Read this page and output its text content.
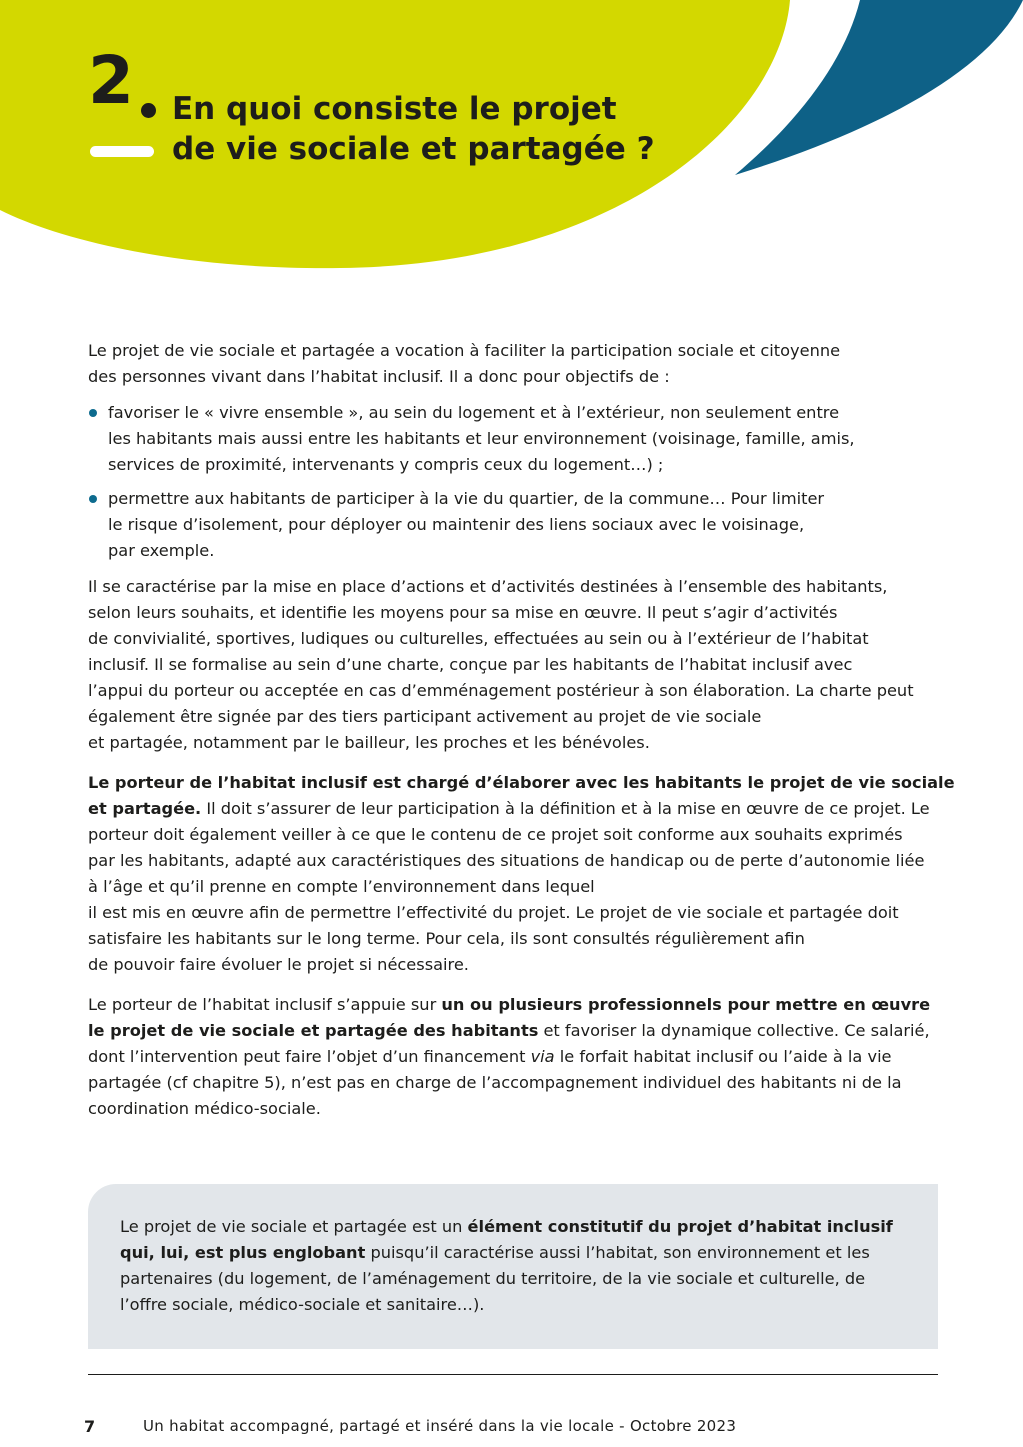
2 En quoi consiste le projet
de vie sociale et partagée ?

Le projet de vie sociale et partagée a vocation à faciliter la participation sociale et citoyenne
des personnes vivant dans l’habitat inclusif. Il a donc pour objectifs de :

favoriser le « vivre ensemble », au sein du logement et à l’extérieur, non seulement entre
les habitants mais aussi entre les habitants et leur environnement (voisinage, famille, amis,
services de proximité, intervenants y compris ceux du logement…) ;
permettre aux habitants de participer à la vie du quartier, de la commune… Pour limiter
le risque d’isolement, pour déployer ou maintenir des liens sociaux avec le voisinage,
par exemple.

Il se caractérise par la mise en place d’actions et d’activités destinées à l’ensemble des habitants,
selon leurs souhaits, et identifie les moyens pour sa mise en œuvre. Il peut s’agir d’activités
de convivialité, sportives, ludiques ou culturelles, effectuées au sein ou à l’extérieur de l’habitat
inclusif. Il se formalise au sein d’une charte, conçue par les habitants de l’habitat inclusif avec
l’appui du porteur ou acceptée en cas d’emménagement postérieur à son élaboration. La charte peut
également être signée par des tiers participant activement au projet de vie sociale
et partagée, notamment par le bailleur, les proches et les bénévoles.

Le porteur de l’habitat inclusif est chargé d’élaborer avec les habitants le projet de vie sociale
et partagée. Il doit s’assurer de leur participation à la définition et à la mise en œuvre de ce projet. Le
porteur doit également veiller à ce que le contenu de ce projet soit conforme aux souhaits exprimés
par les habitants, adapté aux caractéristiques des situations de handicap ou de perte d’autonomie liée
à l’âge et qu’il prenne en compte l’environnement dans lequel
il est mis en œuvre afin de permettre l’effectivité du projet. Le projet de vie sociale et partagée doit
satisfaire les habitants sur le long terme. Pour cela, ils sont consultés régulièrement afin
de pouvoir faire évoluer le projet si nécessaire.

Le porteur de l’habitat inclusif s’appuie sur un ou plusieurs professionnels pour mettre en œuvre
le projet de vie sociale et partagée des habitants et favoriser la dynamique collective. Ce salarié,
dont l’intervention peut faire l’objet d’un financement via le forfait habitat inclusif ou l’aide à la vie
partagée (cf chapitre 5), n’est pas en charge de l’accompagnement individuel des habitants ni de la
coordination médico-sociale.

Le projet de vie sociale et partagée est un élément constitutif du projet d’habitat inclusif
qui, lui, est plus englobant puisqu’il caractérise aussi l’habitat, son environnement et les
partenaires (du logement, de l’aménagement du territoire, de la vie sociale et culturelle, de
l’offre sociale, médico-sociale et sanitaire…).
7	Un habitat accompagné, partagé et inséré dans la vie locale - Octobre 2023
